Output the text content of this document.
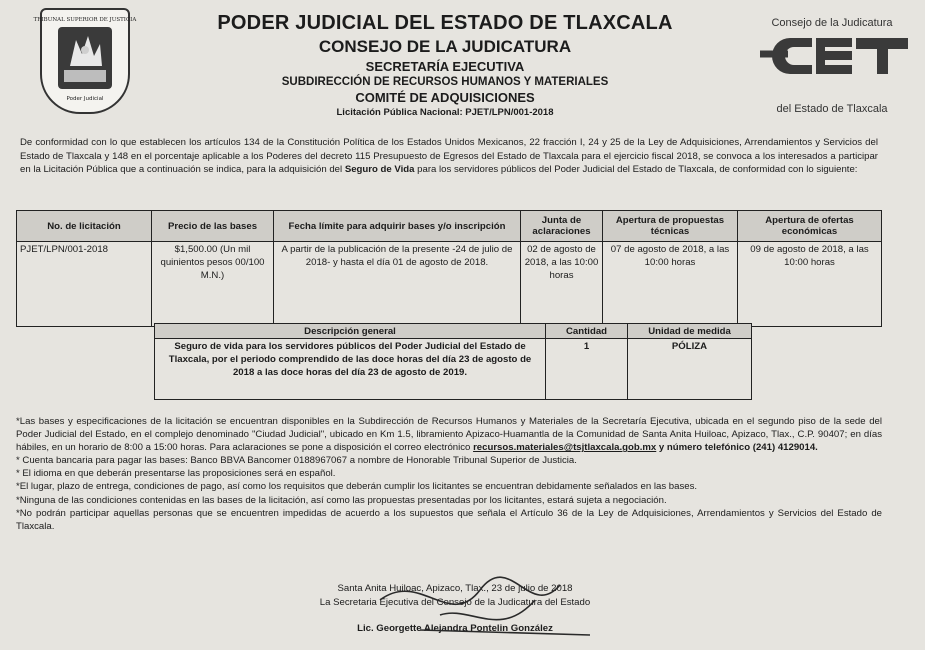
TRIBUNAL SUPERIOR DE JUSTICIA
Poder Judicial
PODER JUDICIAL DEL ESTADO DE TLAXCALA
CONSEJO DE LA JUDICATURA
SECRETARÍA EJECUTIVA
SUBDIRECCIÓN DE RECURSOS HUMANOS Y MATERIALES
COMITÉ DE ADQUISICIONES
Licitación Pública Nacional: PJET/LPN/001-2018
Consejo de la Judicatura
del Estado de Tlaxcala
De conformidad con lo que establecen los artículos 134 de la Constitución Política de los Estados Unidos Mexicanos, 22 fracción I, 24 y 25 de la Ley de Adquisiciones, Arrendamientos y Servicios del Estado de Tlaxcala y 148 en el porcentaje aplicable a los Poderes del decreto 115 Presupuesto de Egresos del Estado de Tlaxcala para el ejercicio fiscal 2018, se convoca a los interesados a participar en la Licitación Pública que a continuación se indica, para la adquisición del Seguro de Vida para los servidores públicos del Poder Judicial del Estado de Tlaxcala, de conformidad con lo siguiente:
No. de licitación	Precio de las bases	Fecha límite para adquirir bases y/o inscripción	Junta de aclaraciones	Apertura de propuestas técnicas	Apertura de ofertas económicas
PJET/LPN/001-2018	$1,500.00 (Un mil quinientos pesos 00/100 M.N.)	A partir de la publicación de la presente -24 de julio de 2018- y hasta el día 01 de agosto de 2018.	02 de agosto de 2018, a las 10:00 horas	07 de agosto de 2018, a las 10:00 horas	09 de agosto de 2018, a las 10:00 horas
Descripción general	Cantidad	Unidad de medida
Seguro de vida para los servidores públicos del Poder Judicial del Estado de Tlaxcala, por el periodo comprendido de las doce horas del día 23 de agosto de 2018 a las doce horas del día 23 de agosto de 2019.	1	PÓLIZA

*Las bases y especificaciones de la licitación se encuentran disponibles en la Subdirección de Recursos Humanos y Materiales de la Secretaría Ejecutiva, ubicada en el segundo piso de la sede del Poder Judicial del Estado, en el complejo denominado "Ciudad Judicial", ubicado en Km 1.5, libramiento Apizaco-Huamantla de la Comunidad de Santa Anita Huiloac, Apizaco, Tlax., C.P. 90407; en días hábiles, en un horario de 8:00 a 15:00 horas. Para aclaraciones se pone a disposición el correo electrónico recursos.materiales@tsjtlaxcala.gob.mx y número telefónico (241) 4129014.

* Cuenta bancaria para pagar las bases: Banco BBVA Bancomer 0188967067 a nombre de Honorable Tribunal Superior de Justicia.

* El idioma en que deberán presentarse las proposiciones será en español.

*El lugar, plazo de entrega, condiciones de pago, así como los requisitos que deberán cumplir los licitantes se encuentran debidamente señalados en las bases.

*Ninguna de las condiciones contenidas en las bases de la licitación, así como las propuestas presentadas por los licitantes, estará sujeta a negociación.

*No podrán participar aquellas personas que se encuentren impedidas de acuerdo a los supuestos que señala el Artículo 36 de la Ley de Adquisiciones, Arrendamientos y Servicios del Estado de Tlaxcala.

Santa Anita Huiloac, Apizaco, Tlax., 23 de julio de 2018
La Secretaria Ejecutiva del Consejo de la Judicatura del Estado
Lic. Georgette Alejandra Pontelin González
